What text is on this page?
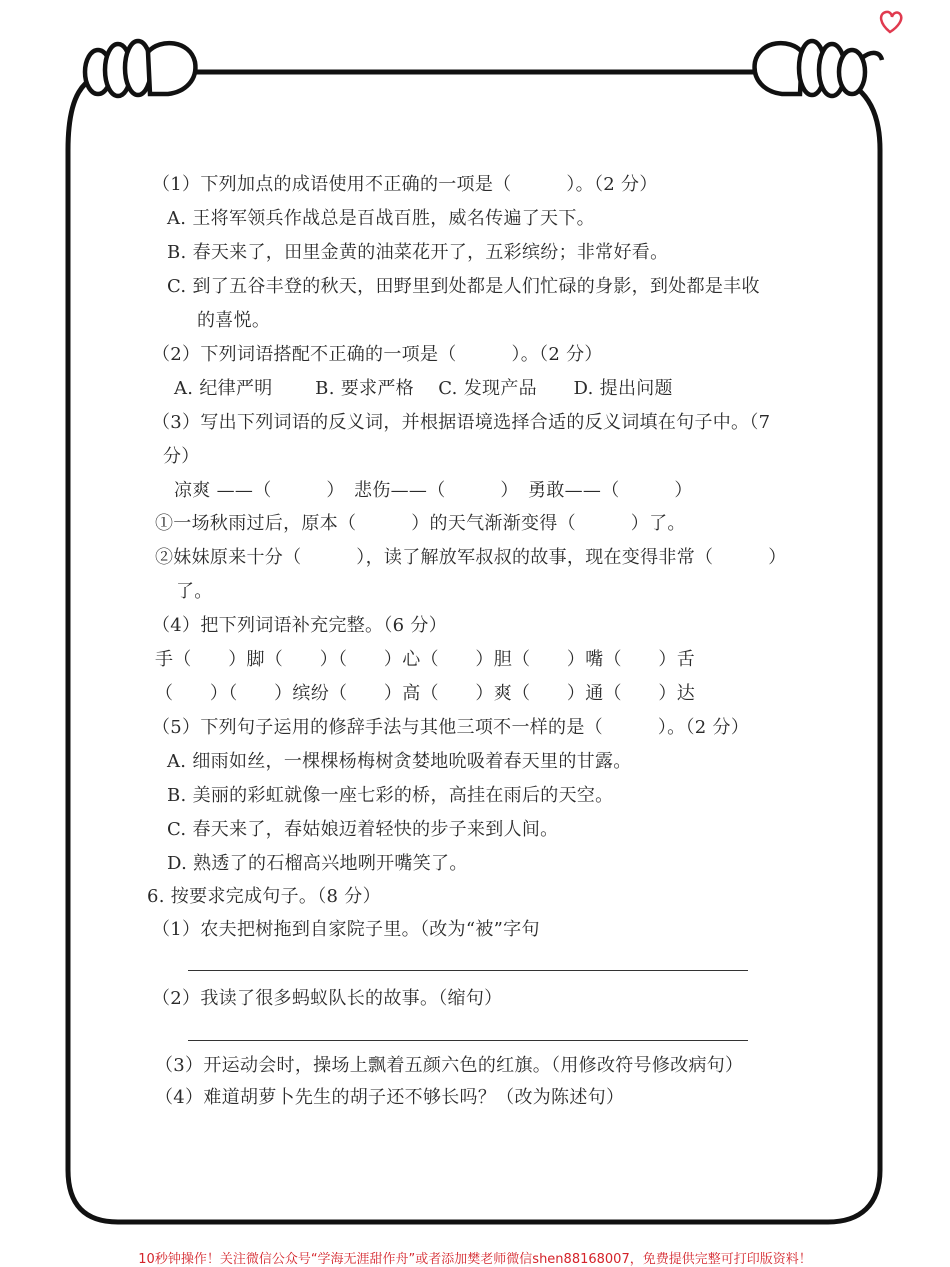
（1）下列加点的成语使用不正确的一项是（　　　）。（2 分）
A. 王将军领兵作战总是百战百胜，威名传遍了天下。
B. 春天来了，田里金黄的油菜花开了，五彩缤纷；非常好看。
C. 到了五谷丰登的秋天，田野里到处都是人们忙碌的身影，到处都是丰收
的喜悦。
（2）下列词语搭配不正确的一项是（　　　）。（2 分）
A. 纪律严明　　 B. 要求严格　 C. 发现产品　　D. 提出问题
（3）写出下列词语的反义词，并根据语境选择合适的反义词填在句子中。（7
分）
凉爽 ——（　　　）　悲伤——（　　　）　勇敢——（　　　）
①一场秋雨过后，原本（　　　）的天气渐渐变得（　　　）了。
②妹妹原来十分（　　　），读了解放军叔叔的故事，现在变得非常（　　　）
了。
（4）把下列词语补充完整。（6 分）
手（　　）脚（　　）（　　）心（　　）胆（　　）嘴（　　）舌
（　　）（　　）缤纷（　　）高（　　）爽（　　）通（　　）达
（5）下列句子运用的修辞手法与其他三项不一样的是（　　　）。（2 分）
A. 细雨如丝，一棵棵杨梅树贪婪地吮吸着春天里的甘露。
B. 美丽的彩虹就像一座七彩的桥，高挂在雨后的天空。
C. 春天来了，春姑娘迈着轻快的步子来到人间。
D. 熟透了的石榴高兴地咧开嘴笑了。
6. 按要求完成句子。（8 分）
（1）农夫把树拖到自家院子里。（改为“被”字句
（2）我读了很多蚂蚁队长的故事。（缩句）
（3）开运动会时，操场上飘着五颜六色的红旗。（用修改符号修改病句）
（4）难道胡萝卜先生的胡子还不够长吗？（改为陈述句）
10秒钟操作！关注微信公众号“学海无涯甜作舟”或者添加樊老师微信shen88168007，免费提供完整可打印版资料！
